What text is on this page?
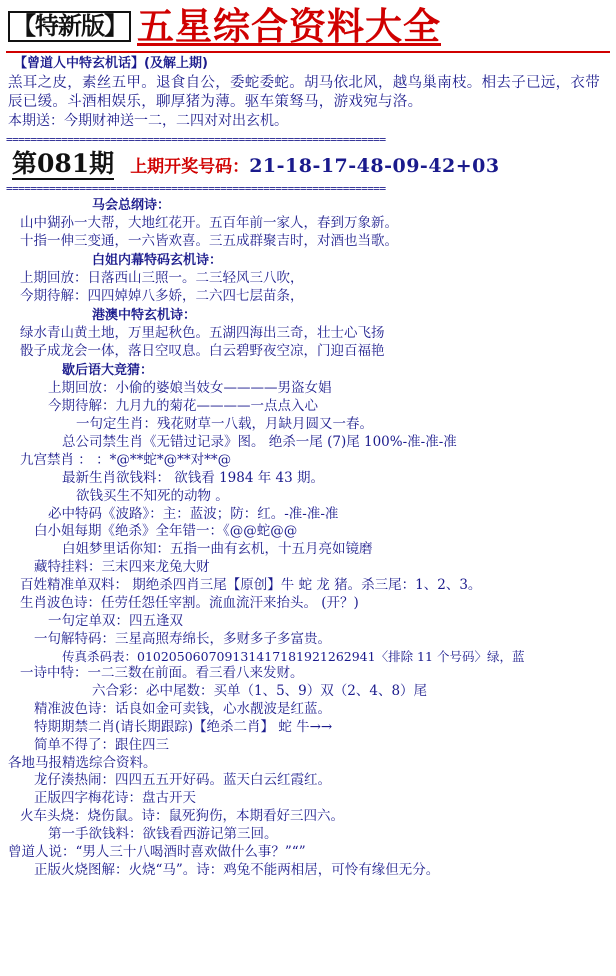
【特新版】 五星综合资料大全
【曾道人中特玄机话】(及解上期)
羔耳之皮，素丝五甲。退食自公，委蛇委蛇。胡马依北风，越鸟巢南枝。相去子已远，衣带
辰已缓。斗酒相娱乐，聊厚猪为薄。驱车策驽马，游戏宛与洛。
本期送：今期财神送一二，二四对对出玄机。
==============================================================
第081期 上期开奖号码：21-18-17-48-09-42+03
==============================================================
马会总纲诗：
山中猢孙一大帮，大地红花开。五百年前一家人，春到万象新。
十指一伸三变通，一六皆欢喜。三五成群聚吉时，对酒也当歌。
白姐内幕特码玄机诗：
上期回放：日落西山三照一。二三轻风三八吹，
今期待解：四四婥婥八多娇，二六四七层苗条，
港澳中特玄机诗：
绿水青山黄土地，万里起秋色。五湖四海出三奇，壮士心飞扬
骰子成龙会一体，落日空叹息。白云碧野夜空凉，门迎百福艳
歇后语大竞猜：
上期回放：小偷的婆娘当妓女————男盗女娼
今期待解：九月九的菊花————一点点入心
一句定生肖：残花财草一八载，月缺月圆又一春。
总公司禁生肖《无错过记录》图。 绝杀一尾 (7)尾 100%-准-准-准
九宫禁肖 ： ：*@**蛇*@**对**@
最新生肖欲钱料： 欲钱看 1984 年 43 期。
欲钱买生不知死的动物 。
必中特码《波路》：主：蓝波；防：红。-准-准-准
白小姐每期《绝杀》全年错一：《@@蛇@@
白姐梦里话你知：五指一曲有玄机，十五月亮如镜磨
藏特挂料：三末四来龙兔大财
百姓精准单双料： 期绝杀四肖三尾【原创】牛 蛇 龙 猪。杀三尾：1、2、3。
生肖波色诗：任劳任怨任宰割。流血流汗来抬头。 (开？)
一句定单双：四五逢双
一句解特码：三星高照寿绵长，多财多子多富贵。
传真杀码表：010205060709131417181921262941〈排除 11 个号码〉绿，蓝
一诗中特：一二三数在前面。看三看八来发财。
六合彩：必中尾数：买单（1、5、9）双（2、4、8）尾
精准波色诗：话良如金可卖钱，心水靓波是红蓝。
特期期禁二肖(请长期跟踪)【绝杀二肖】 蛇 牛→→
简单不得了：跟住四三
各地马报精选综合资料。
龙仔湊热闹：四四五五开好码。蓝天白云红霞红。
正版四字梅花诗：盘古开天
火车头烧：烧伤鼠。诗：鼠死狗伤，本期看好三四六。
第一手欲钱料：欲钱看西游记第三回。
曾道人说：“男人三十八喝酒时喜欢做什么事？”“”
正版火烧图解：火烧“马”。诗：鸡兔不能两相居，可怜有缘但无分。
